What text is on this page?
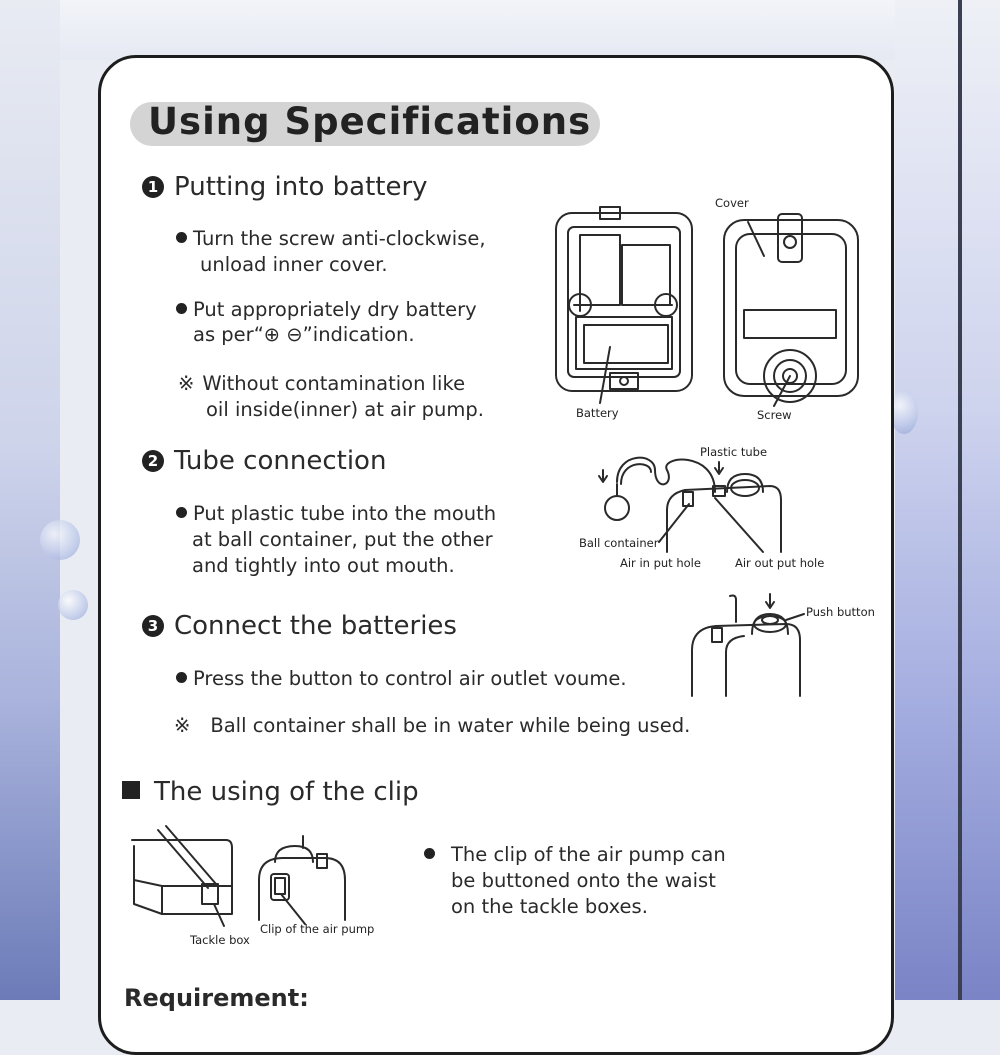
Using Specifications
1 Putting into battery
Turn the screw anti-clockwise,
unload inner cover.
Put appropriately dry battery
as per“⊕ ⊖”indication.
※ Without contamination like
oil inside(inner) at air pump.	Battery
Cover
Screw
2 Tube connection
Put plastic tube into the mouth
at ball container, put the other
and tightly into out mouth.
Plastic tube
Ball container
Air in put hole	Air out put hole
3 Connect the batteries
Press the button to control air outlet voume.
※ Ball container shall be in water while being used.
Push button
The using of the clip
Tackle box
Clip of the air pump
The clip of the air pump can
be buttoned onto the waist
on the tackle boxes.
Requirement:
